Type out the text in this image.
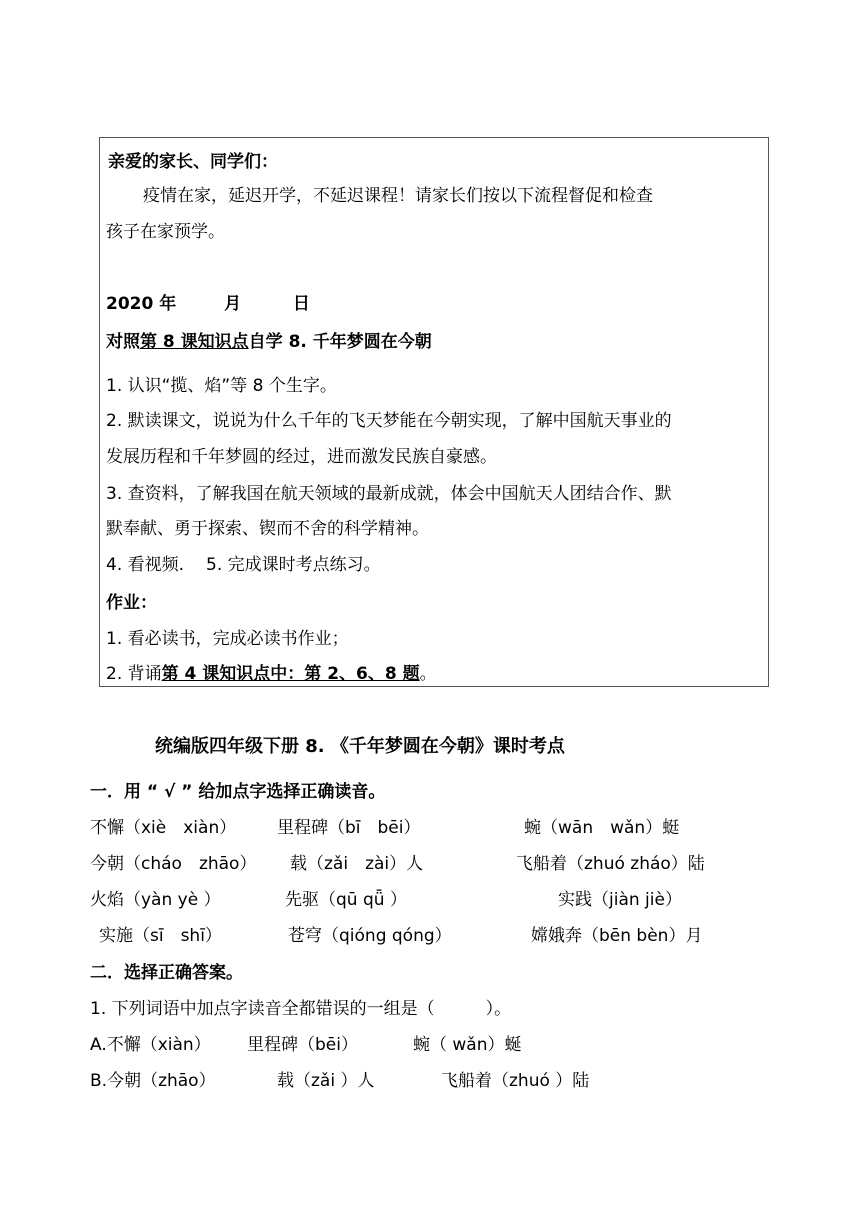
亲爱的家长、同学们：
疫情在家，延迟开学，不延迟课程！请家长们按以下流程督促和检查
孩子在家预学。
2020 年	月	日
对照第 8 课知识点自学 8. 千年梦圆在今朝
1. 认识“揽、焰”等 8 个生字。
2. 默读课文，说说为什么千年的飞天梦能在今朝实现，了解中国航天事业的
发展历程和千年梦圆的经过，进而激发民族自豪感。
3. 查资料，了解我国在航天领域的最新成就，体会中国航天人团结合作、默
默奉献、勇于探索、锲而不舍的科学精神。
4. 看视频. 5. 完成课时考点练习。
作业：
1. 看必读书，完成必读书作业；
2. 背诵第 4 课知识点中：第 2、6、8 题。
统编版四年级下册 8. 《千年梦圆在今朝》课时考点
一．用 “ √ ” 给加点字选择正确读音。
不懈（xiè　xiàn） 里程碑（bī　bēi）	蜿（wān　wǎn）蜓
今朝（cháo　zhāo） 载（zǎi　zài）人	飞船着（zhuó zháo）陆
火焰（yàn yè ）	先驱（qū qǖ ）	实践（jiàn jiè）
实施（sī　shī）	苍穹（qióng qóng）	嫦娥奔（bēn bèn）月
二．选择正确答案。
1. 下列词语中加点字读音全都错误的一组是（　　　）。
A.不懈（xiàn） 里程碑（bēi）	蜿（ wǎn）蜒
B.今朝（zhāo）	载（zǎi ）人	飞船着（zhuó ）陆
